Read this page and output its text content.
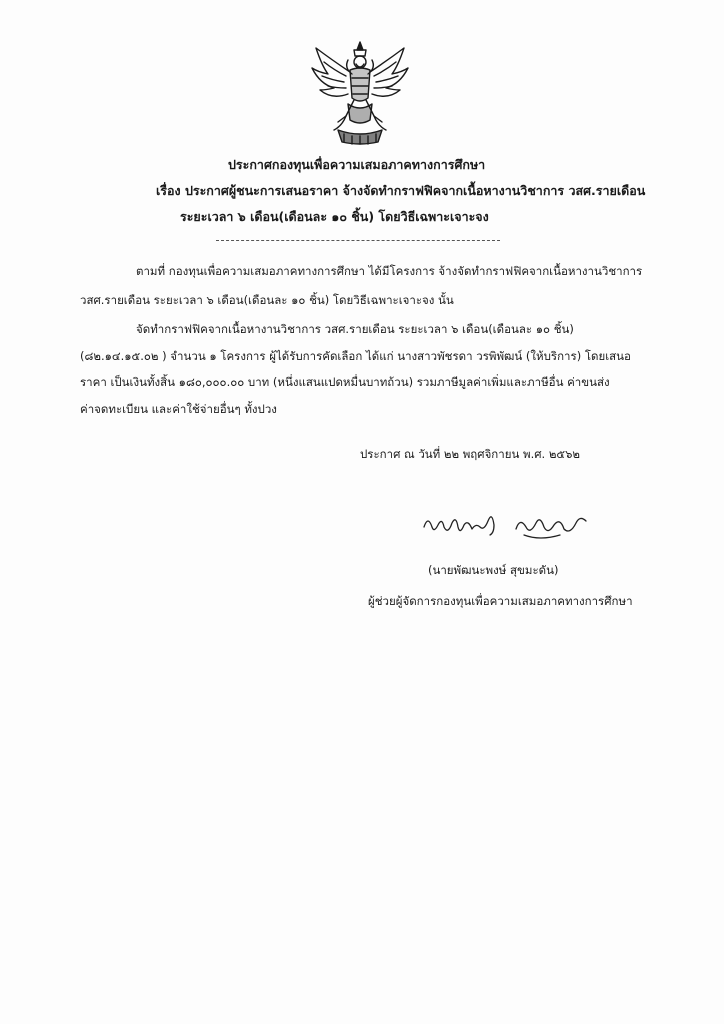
ประกาศกองทุนเพื่อความเสมอภาคทางการศึกษา
เรื่อง ประกาศผู้ชนะการเสนอราคา จ้างจัดทำกราฟฟิคจากเนื้อหางานวิชาการ วสศ.รายเดือน
ระยะเวลา ๖ เดือน(เดือนละ ๑๐ ชิ้น) โดยวิธีเฉพาะเจาะจง
ตามที่ กองทุนเพื่อความเสมอภาคทางการศึกษา ได้มีโครงการ จ้างจัดทำกราฟฟิคจากเนื้อหางานวิชาการ
วสศ.รายเดือน ระยะเวลา ๖ เดือน(เดือนละ ๑๐ ชิ้น) โดยวิธีเฉพาะเจาะจง นั้น
จัดทำกราฟฟิคจากเนื้อหางานวิชาการ วสศ.รายเดือน ระยะเวลา ๖ เดือน(เดือนละ ๑๐ ชิ้น)
(๘๒.๑๔.๑๕.๐๒ ) จำนวน ๑ โครงการ ผู้ได้รับการคัดเลือก ได้แก่ นางสาวพัชรดา วรพิพัฒน์ (ให้บริการ) โดยเสนอ
ราคา เป็นเงินทั้งสิ้น ๑๘๐,๐๐๐.๐๐ บาท (หนึ่งแสนแปดหมื่นบาทถ้วน) รวมภาษีมูลค่าเพิ่มและภาษีอื่น ค่าขนส่ง
ค่าจดทะเบียน และค่าใช้จ่ายอื่นๆ ทั้งปวง
ประกาศ ณ วันที่ ๒๒ พฤศจิกายน พ.ศ. ๒๕๖๒
(นายพัฒนะพงษ์ สุขมะดัน)
ผู้ช่วยผู้จัดการกองทุนเพื่อความเสมอภาคทางการศึกษา
